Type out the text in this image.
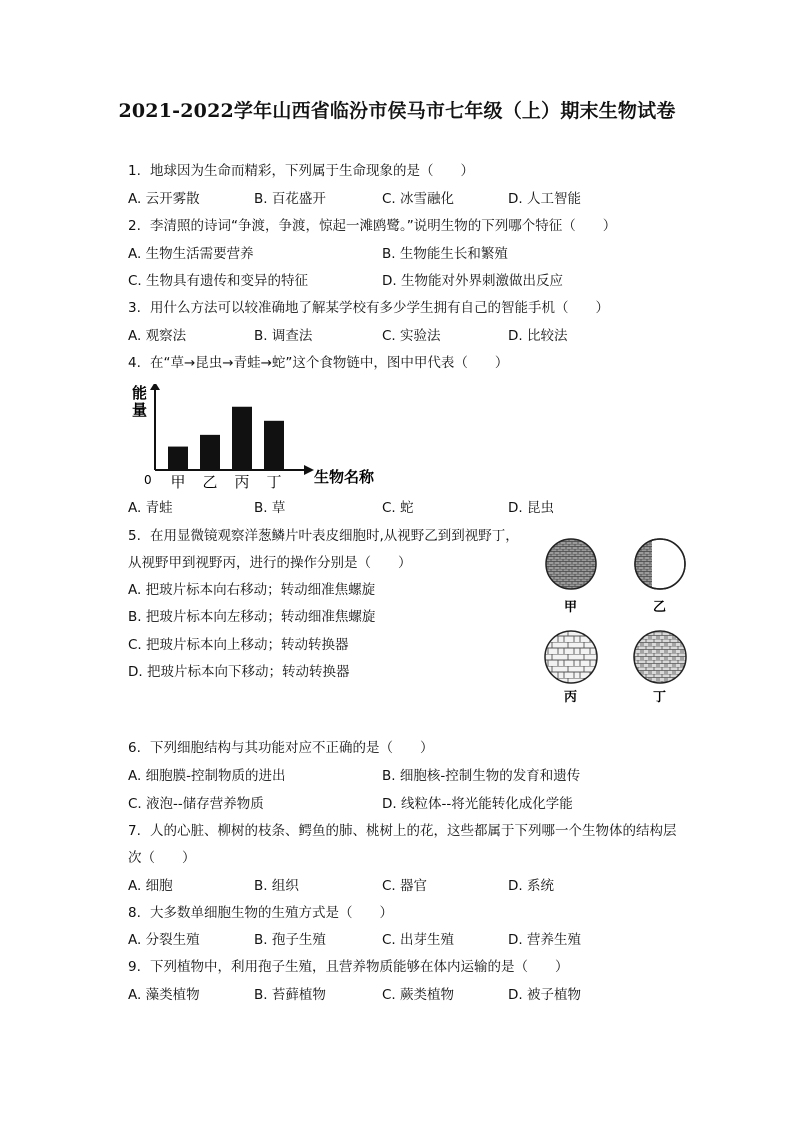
2021-2022学年山西省临汾市侯马市七年级（上）期末生物试卷
1. 地球因为生命而精彩，下列属于生命现象的是（　　）
A. 云开雾散	B. 百花盛开	C. 冰雪融化	D. 人工智能
2. 李清照的诗词“争渡，争渡，惊起一滩鸥鹭。”说明生物的下列哪个特征（　　）
A. 生物生活需要营养	B. 生物能生长和繁殖
C. 生物具有遗传和变异的特征	D. 生物能对外界刺激做出反应
3. 用什么方法可以较准确地了解某学校有多少学生拥有自己的智能手机（　　）
A. 观察法	B. 调查法	C. 实验法	D. 比较法
4. 在“草→昆虫→青蛙→蛇”这个食物链中，图中甲代表（　　）
能
量
0 甲 乙 丙 丁 生物名称
A. 青蛙	B. 草	C. 蛇	D. 昆虫
5. 在用显微镜观察洋葱鳞片叶表皮细胞时,从视野乙到到视野丁，
从视野甲到视野丙，进行的操作分别是（　　）
A. 把玻片标本向右移动；转动细准焦螺旋
B. 把玻片标本向左移动；转动细准焦螺旋
C. 把玻片标本向上移动；转动转换器
D. 把玻片标本向下移动；转动转换器
甲	乙
丙	丁
6. 下列细胞结构与其功能对应不正确的是（　　）
A. 细胞膜-控制物质的进出	B. 细胞核-控制生物的发育和遗传
C. 液泡--储存营养物质	D. 线粒体--将光能转化成化学能
7. 人的心脏、柳树的枝条、鳄鱼的肺、桃树上的花，这些都属于下列哪一个生物体的结构层
次（　　）
A. 细胞	B. 组织	C. 器官	D. 系统
8. 大多数单细胞生物的生殖方式是（　　）
A. 分裂生殖	B. 孢子生殖	C. 出芽生殖	D. 营养生殖
9. 下列植物中，利用孢子生殖，且营养物质能够在体内运输的是（　　）
A. 藻类植物	B. 苔藓植物	C. 蕨类植物	D. 被子植物
